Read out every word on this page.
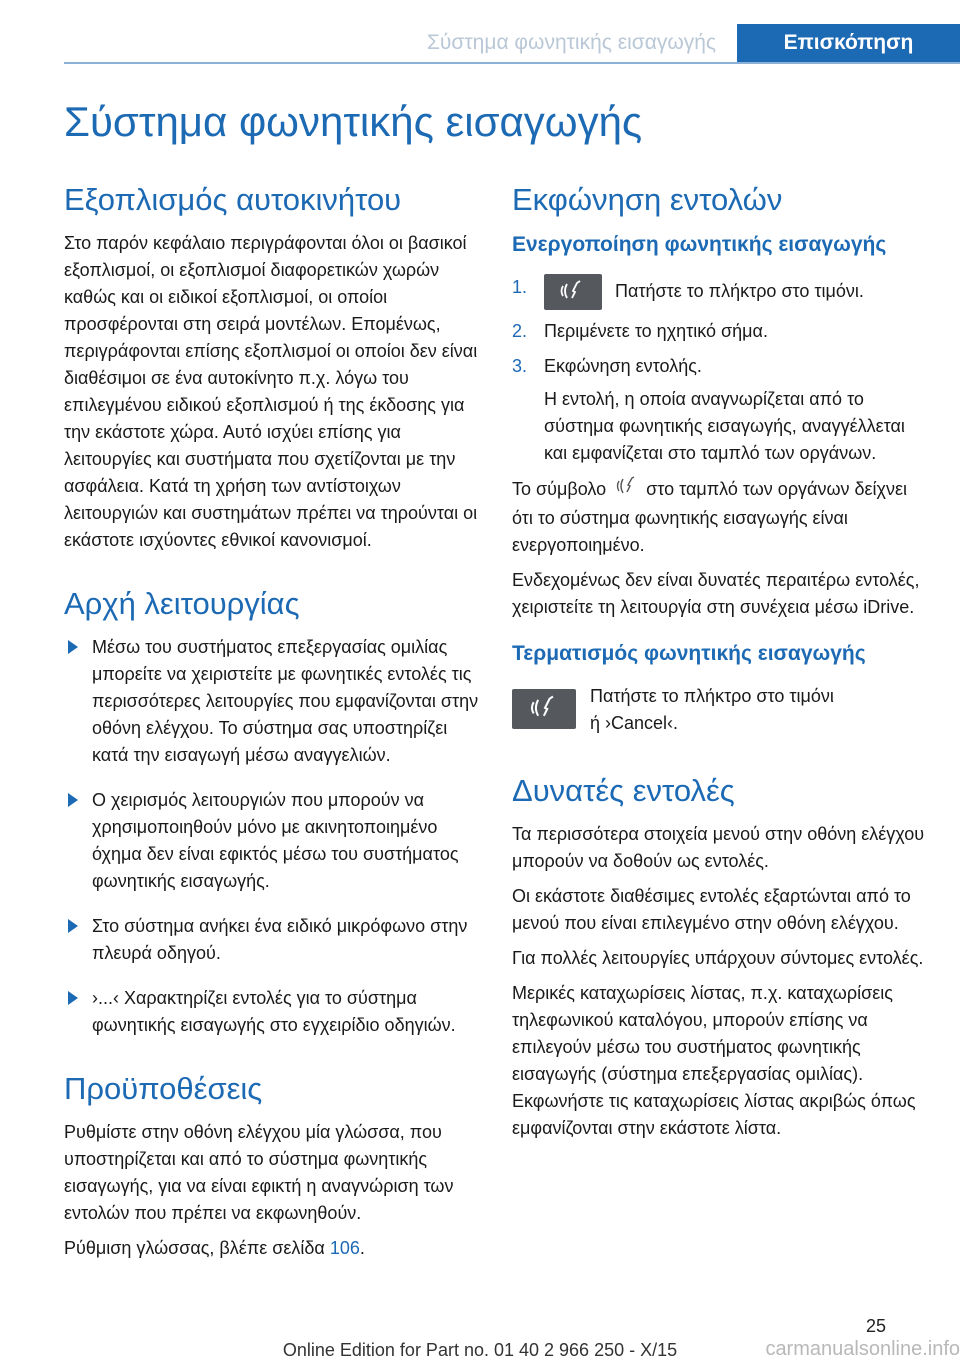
Σύστημα φωνητικής εισαγωγής	Επισκόπηση
Σύστημα φωνητικής εισαγωγής
Εξοπλισμός αυτοκινήτου

Στο παρόν κεφάλαιο περιγράφονται όλοι οι βασικοί εξοπλισμοί, οι εξοπλισμοί διαφορετικών χωρών καθώς και οι ειδικοί εξοπλισμοί, οι οποίοι προσφέρονται στη σειρά μοντέλων. Επομένως, περιγράφονται επίσης εξοπλισμοί οι οποίοι δεν είναι διαθέσιμοι σε ένα αυτοκίνητο π.χ. λόγω του επιλεγμένου ειδικού εξοπλισμού ή της έκδοσης για την εκάστοτε χώρα. Αυτό ισχύει επίσης για λειτουργίες και συστήματα που σχετίζονται με την ασφάλεια. Κατά τη χρήση των αντίστοιχων λειτουργιών και συστημάτων πρέπει να τηρούνται οι εκάστοτε ισχύοντες εθνικοί κανονισμοί.

Αρχή λειτουργίας
Μέσω του συστήματος επεξεργασίας ομιλίας μπορείτε να χειριστείτε με φωνητικές εντολές τις περισσότερες λειτουργίες που εμφανίζονται στην οθόνη ελέγχου. Το σύστημα σας υποστηρίζει κατά την εισαγωγή μέσω αναγγελιών.
Ο χειρισμός λειτουργιών που μπορούν να χρησιμοποιηθούν μόνο με ακινητοποιημένο όχημα δεν είναι εφικτός μέσω του συστήματος φωνητικής εισαγωγής.
Στο σύστημα ανήκει ένα ειδικό μικρόφωνο στην πλευρά οδηγού.
›...‹ Χαρακτηρίζει εντολές για το σύστημα φωνητικής εισαγωγής στο εγχειρίδιο οδηγιών.
Προϋποθέσεις

Ρυθμίστε στην οθόνη ελέγχου μία γλώσσα, που υποστηρίζεται και από το σύστημα φωνητικής εισαγωγής, για να είναι εφικτή η αναγνώριση των εντολών που πρέπει να εκφωνηθούν.

Ρύθμιση γλώσσας, βλέπε σελίδα 106.

Εκφώνηση εντολών
Ενεργοποίηση φωνητικής εισαγωγής
1.	Πατήστε το πλήκτρο στο τιμόνι.
2. Περιμένετε το ηχητικό σήμα.
3. Εκφώνηση εντολής.
Η εντολή, η οποία αναγνωρίζεται από το σύστημα φωνητικής εισαγωγής, αναγγέλλεται και εμφανίζεται στο ταμπλό των οργάνων.

Το σύμβολο στο ταμπλό των οργάνων δείχνει ότι το σύστημα φωνητικής εισαγωγής είναι ενεργοποιημένο.

Ενδεχομένως δεν είναι δυνατές περαιτέρω εντολές, χειριστείτε τη λειτουργία στη συνέχεια μέσω iDrive.

Τερματισμός φωνητικής εισαγωγής

Πατήστε το πλήκτρο στο τιμόνι

ή ›Cancel‹.

Δυνατές εντολές

Τα περισσότερα στοιχεία μενού στην οθόνη ελέγχου μπορούν να δοθούν ως εντολές.

Οι εκάστοτε διαθέσιμες εντολές εξαρτώνται από το μενού που είναι επιλεγμένο στην οθόνη ελέγχου.

Για πολλές λειτουργίες υπάρχουν σύντομες εντολές.

Μερικές καταχωρίσεις λίστας, π.χ. καταχωρίσεις τηλεφωνικού καταλόγου, μπορούν επίσης να επιλεγούν μέσω του συστήματος φωνητικής εισαγωγής (σύστημα επεξεργασίας ομιλίας). Εκφωνήστε τις καταχωρίσεις λίστας ακριβώς όπως εμφανίζονται στην εκάστοτε λίστα.

25
Online Edition for Part no. 01 40 2 966 250 - X/15	carmanualsonline.info
